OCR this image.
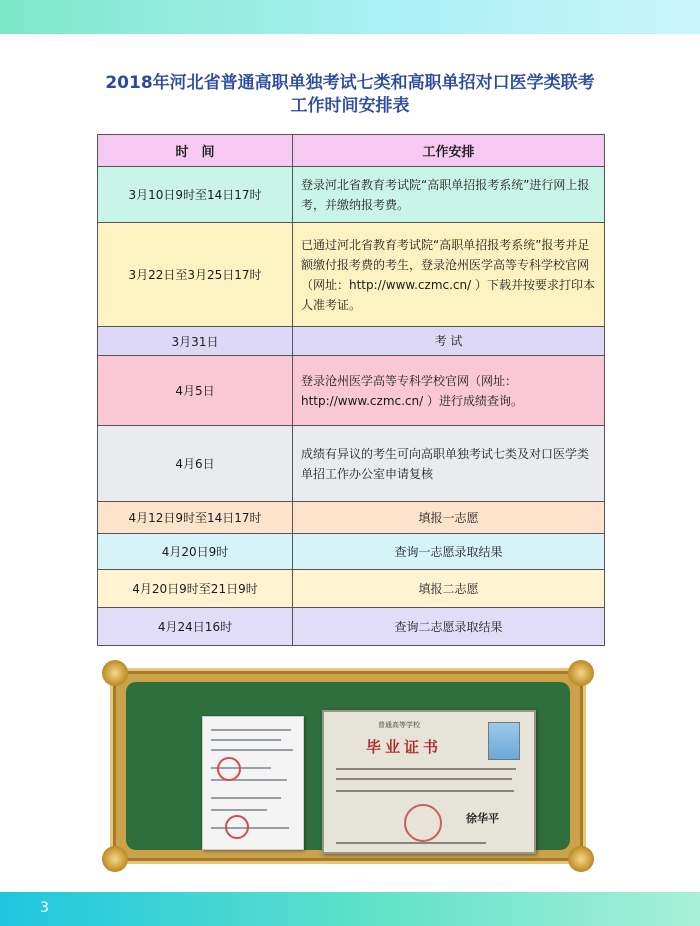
2018年河北省普通高职单独考试七类和高职单招对口医学类联考
工作时间安排表
时　间	工作安排
3月10日9时至14日17时	登录河北省教育考试院“高职单招报考系统”进行网上报考，并缴纳报考费。
3月22日至3月25日17时	已通过河北省教育考试院“高职单招报考系统”报考并足额缴付报考费的考生，登录沧州医学高等专科学校官网（网址：http://www.czmc.cn/ ）下载并按要求打印本人准考证。
3月31日	考 试
4月5日	登录沧州医学高等专科学校官网（网址：http://www.czmc.cn/ ）进行成绩查询。
4月6日	成绩有异议的考生可向高职单独考试七类及对口医学类单招工作办公室申请复核
4月12日9时至14日17时	填报一志愿
4月20日9时	查询一志愿录取结果
4月20日9时至21日9时	填报二志愿
4月24日16时	查询二志愿录取结果
普通高等学校
毕业证书
徐华平
3
